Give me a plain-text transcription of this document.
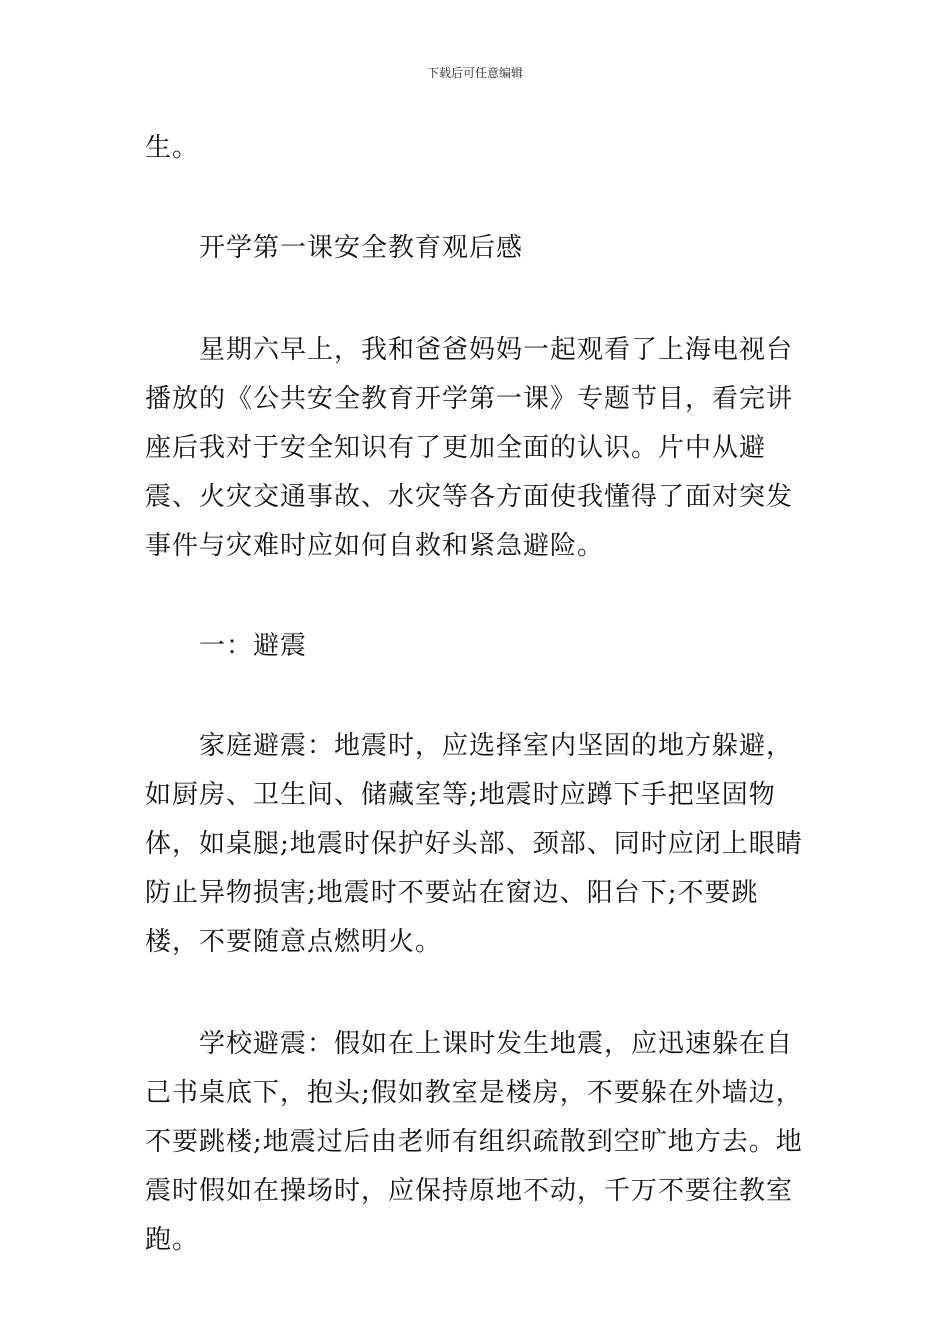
下载后可任意编辑

生。

开学第一课安全教育观后感

星期六早上，我和爸爸妈妈一起观看了上海电视台播放的《公共安全教育开学第一课》专题节目，看完讲座后我对于安全知识有了更加全面的认识。片中从避震、火灾交通事故、水灾等各方面使我懂得了面对突发事件与灾难时应如何自救和紧急避险。

一：避震

家庭避震：地震时，应选择室内坚固的地方躲避，如厨房、卫生间、储藏室等;地震时应蹲下手把坚固物体，如桌腿;地震时保护好头部、颈部、同时应闭上眼睛防止异物损害;地震时不要站在窗边、阳台下;不要跳楼，不要随意点燃明火。

学校避震：假如在上课时发生地震，应迅速躲在自己书桌底下，抱头;假如教室是楼房，不要躲在外墙边，不要跳楼;地震过后由老师有组织疏散到空旷地方去。地震时假如在操场时，应保持原地不动，千万不要往教室跑。
